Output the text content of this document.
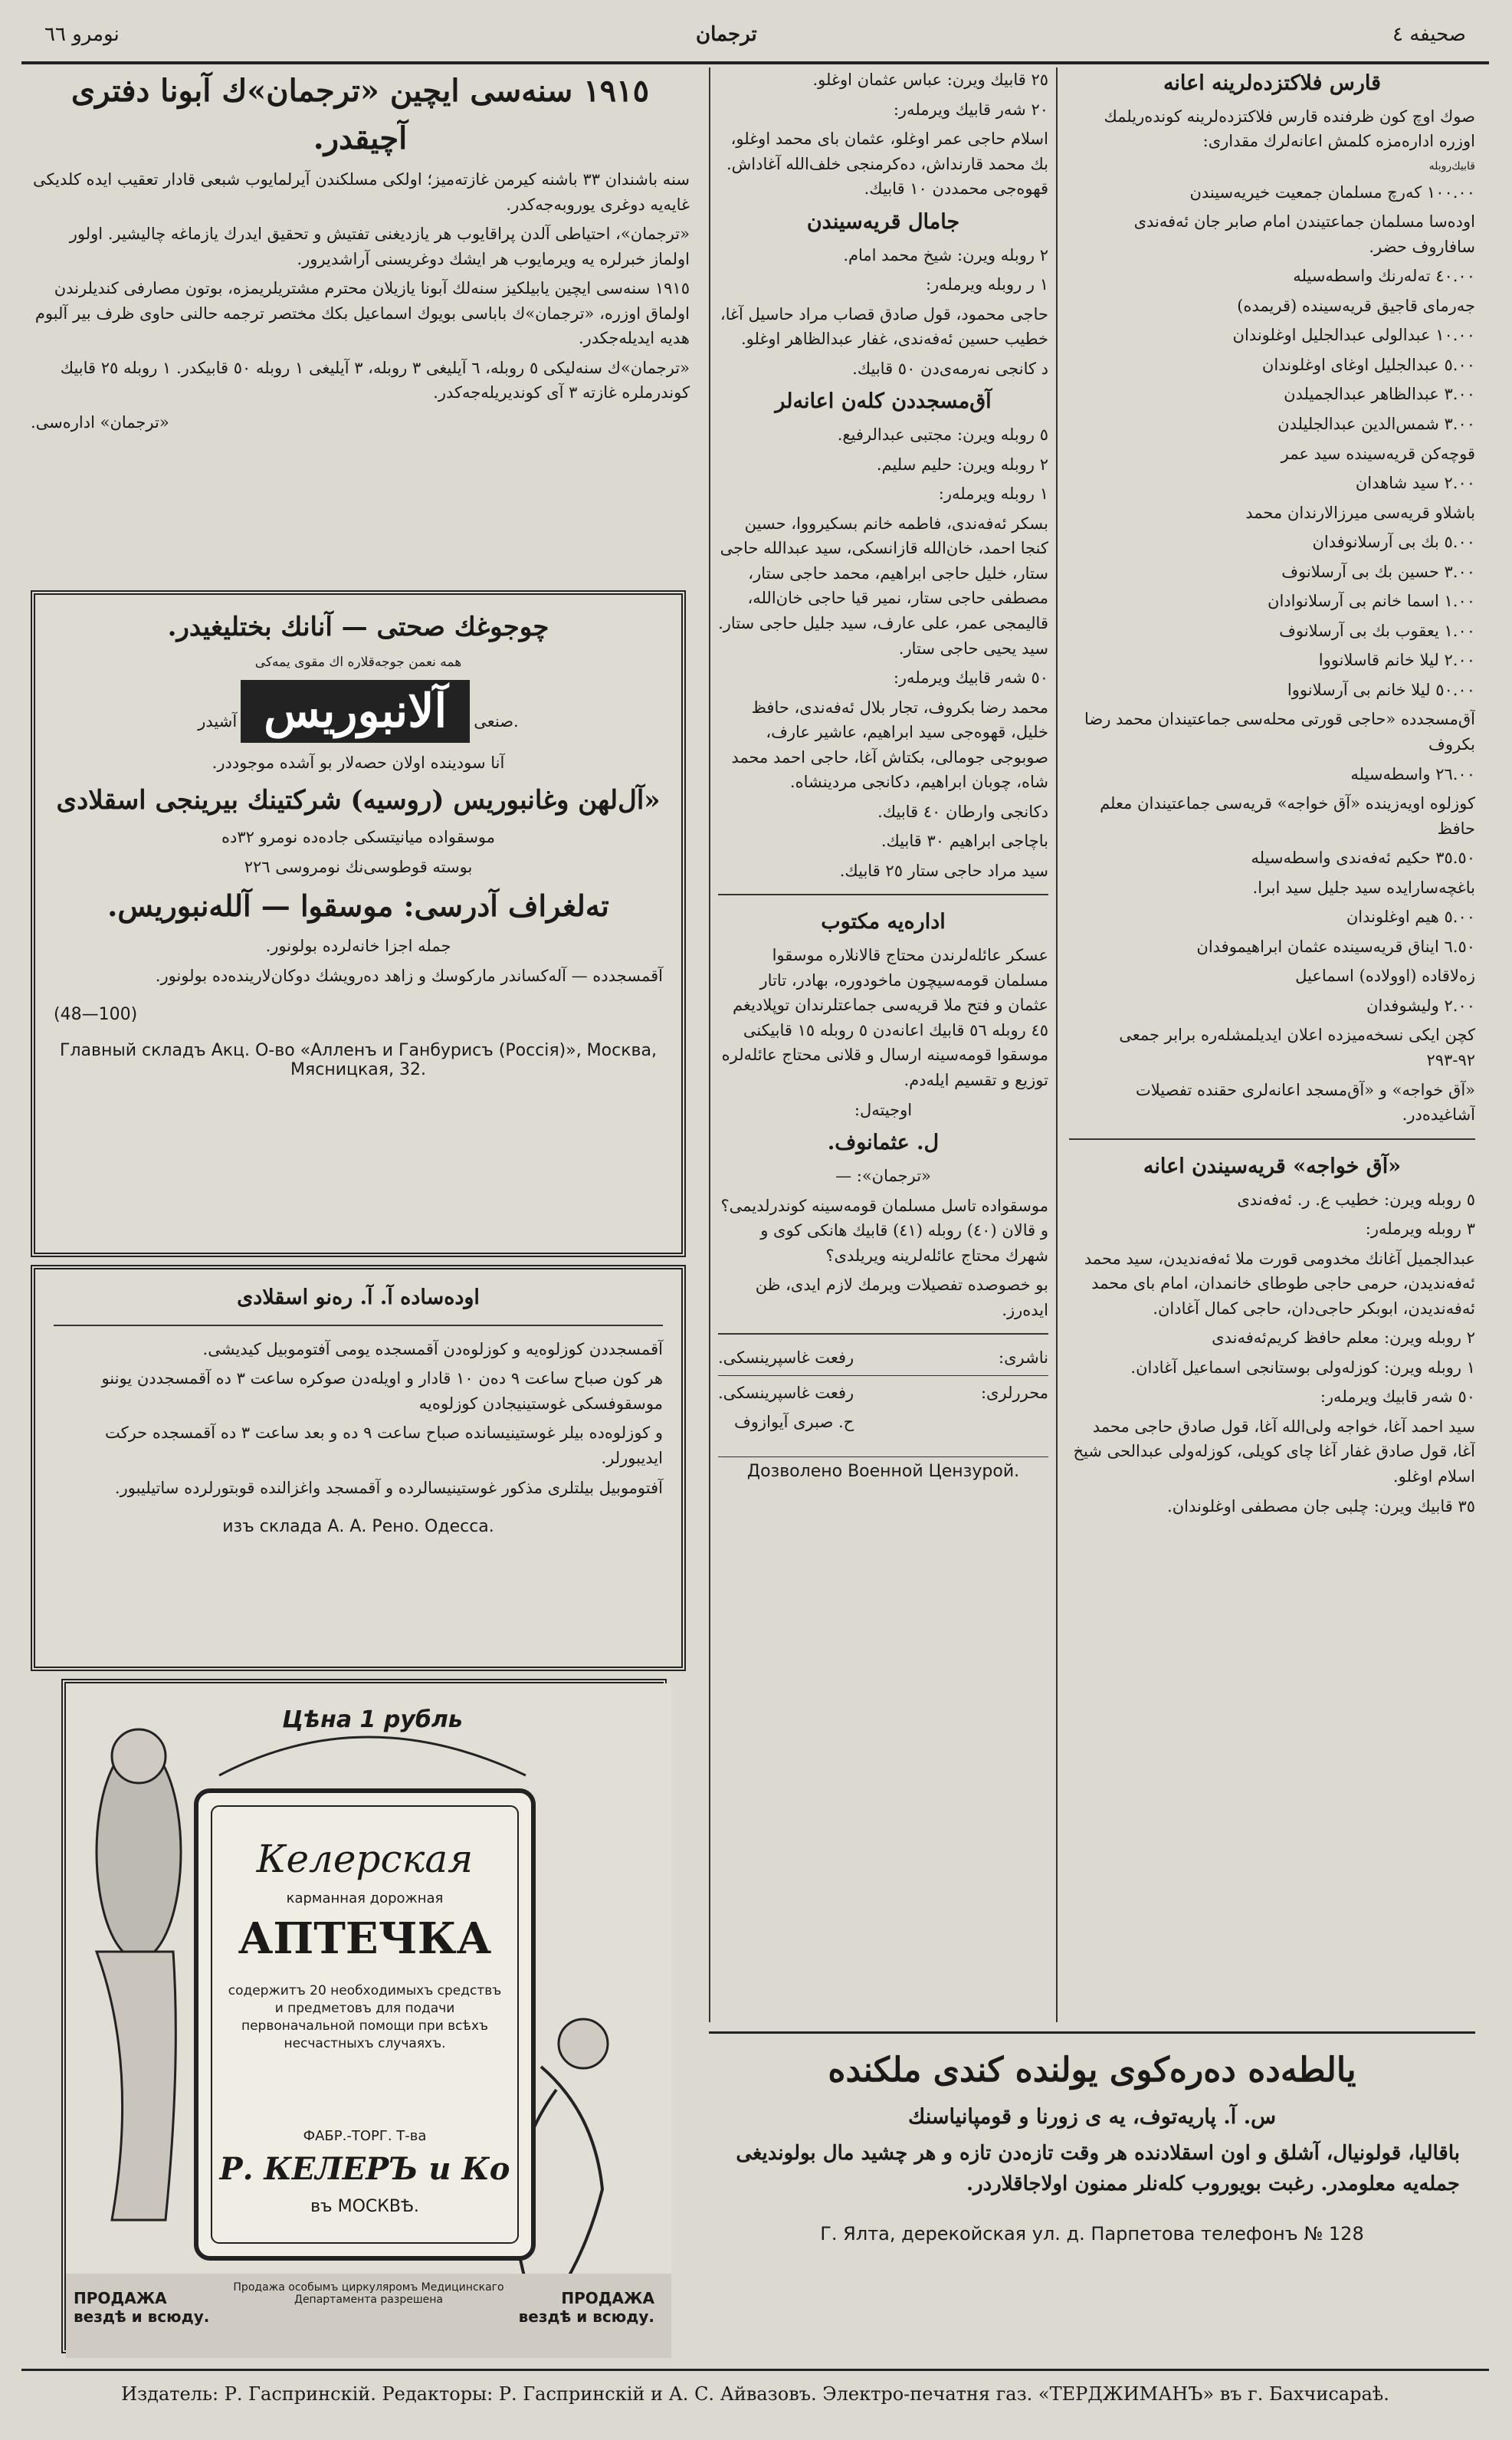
نومرو ٦٦	ترجمان	صحيفه ٤

١٩١٥ سنه‌سی ايچين «ترجمان»ك آبونا دفتری آچيقدر.

سنه باشندان ٣٣ باشنه كيرمن غازته‌ميز؛ اولكی مسلكندن آيرلمايوب شبعی قادار تعقيب ايده كلديكی غايه‌يه دوغری يوروبه‌جه‌كدر.

«ترجمان»، احتياطی آلدن پراقايوب هر يازديغنی تفتيش و تحقيق ايدرك يازماغه چاليشير. اولور اولماز خبرلره يه ويرمايوب هر ايشك دوغريسنی آراشديرور.

١٩١٥ سنه‌سی ايچين يابيلكيز سنه‌لك آبونا يازيلان محترم مشتريلريمزه، بوتون مصارفی كنديلرندن اولماق اوزره، «ترجمان»ك باباسی بويوك اسماعيل بكك مختصر ترجمه حالنی حاوی ظرف بير آلبوم هديه ايديله‌جكدر.

«ترجمان»ك سنه‌ليكی ٥ روبله، ٦ آيليغی ٣ روبله، ٣ آيليغی ١ روبله ٥٠ قابيكدر. ١ روبله ٢٥ قابيك كوندرملره غازته ٣ آی كونديريله‌جه‌كدر.

«ترجمان» اداره‌سی.

چوجوغك صحتی — آنانك بختليغيدر.

همه نعمن جوجه‌قلاره اك مقوی يمه‌كی

صنعی آلانبوريس آشيدر.

آنا سودينده اولان حصه‌لار بو آشده موجوددر.

«آل‌لهن وغانبوريس (روسيه) شركتينك بيرينجی اسقلادی

موسقواده ميانيتسكی جاده‌ده نومرو ٣٢ده

بوسته قوطوسی‌نك نومرو‌سی ٢٢٦

تەلغراف آدرسی: موسقوا — آللەنبوريس.

جمله اجزا خانه‌لرده بولونور.

آقمسجدده — آله‌كساندر ماركوسك و زاهد ده‌رويشك دوكان‌لارينده‌ده بولونور.

(48—100)

Главный складъ Акц. О-во «Алленъ и Ганбурисъ (Россія)», Москва, Мясницкая, 32.

اوده‌ساده آ. آ. رەنو اسقلادی

آقمسجددن كوزلوه‌يه و كوزلوه‌دن آقمسجده يومی آفتوموبيل كيديشی.

هر كون صباح ساعت ٩ دەن ١٠ قادار و اويله‌دن صوكره ساعت ٣ ده آقمسجددن يوننو موسقوفسكی غوستينيجادن كوزلوه‌يه

و كوزلوه‌ده بيلر غوستينيسانده صباح ساعت ٩ ده و بعد ساعت ٣ ده آقمسجده حركت ايديبورلر.

آفتوموبيل بيلتلری مذكور غوستينيسالرده و آقمسجد واغزالنده قوبتو‌رلرده ساتيليبور.

изъ склада А. А. Рено. Одесса.

Цѣна 1 рубль
Келерская
карманная дорожная
АПТЕЧКА
содержитъ 20 необходимыхъ средствъ и предметовъ для подачи первоначальной помощи при всѣхъ несчастныхъ случаяхъ.
ФАБР.-ТОРГ. Т-ва
Р. КЕЛЕРЪ и Ко
въ МОСКВѢ.
ПРОДАЖА вездѣ и всюду.
ПРОДАЖА вездѣ и всюду.
Продажа особымъ циркуляромъ Медицинскаго Департамента разрешена

٢٥ قابيك ويرن: عباس عثمان اوغلو.

٢٠ شەر قابيك ويرملەر:

اسلام حاجی عمر اوغلو، عثمان بای محمد اوغلو، بك محمد قارنداش، ده‌كرمنجی خلف‌الله آغاداش. قهوه‌جی محمد‌دن ١٠ قابيك.

جامال قريه‌سيندن

٢ روبله ويرن: شيخ محمد امام.

١ ر روبله ويرملەر:

حاجی محمود، قول صادق قصاب مراد حاسيل آغا، خطيب حسين ئه‌فه‌ندی، غفار عبدالظاهر اوغلو.

د كانجی نه‌رمه‌ی‌دن ٥٠ قابيك.

آق‌مسجددن كلەن اعانەلر

٥ روبله ويرن: مجتبی عبدالرفيع.

٢ روبله ويرن: حليم سليم.

١ روبله ويرملەر:

بسكر ئه‌فه‌ندی، فاطمه خانم بسكيرووا، حسين كنجا احمد، خان‌الله قازانسكی، سيد عبدالله حاجی ستار، خليل حاجی ابراهيم، محمد حاجی ستار، مصطفی حاجی ستار، نمير قيا حاجی خان‌الله، قاليمجی عمر، علی عارف، سيد جليل حاجی ستار. سيد يحيی حاجی ستار.

٥٠ شەر قابيك ويرملەر:

محمد رضا بكروف، تجار بلال ئه‌فه‌ندی، حافظ خليل، قهوه‌جی سيد ابراهيم، عاشير عارف، صوبوجی جومالی، بكتاش آغا، حاجی احمد محمد شاه، چوبان ابراهيم، دكانجی مردينشاه.

دكانجی وارطان ٤٠ قابيك.

باچاجی ابراهيم ٣٠ قابيك.

سيد مراد حاجی ستار ٢٥ قابيك.

اداره‌يه مكتوب

عسكر عائله‌لرندن محتاج قالانلاره موسقوا مسلمان قومه‌سيچون ماخودوره، بهادر، تاتار عثمان و فتح ملا قريه‌سی جماعتلرندان توپلاديغم ٤٥ روبله ٥٦ قابيك اعانه‌دن ٥ روبله ١٥ قابيكنی موسقوا قومه‌سينه ارسال و قلانی محتاج عائله‌لره توزيع و تقسيم ايله‌دم.

اوجيته‌ل:

ل. عثمانوف.

«ترجمان»: —

موسقواده تاسل مسلمان قومه‌سينه كوندرلديمی؟ و قالان (٤٠) روبله (٤١) قابيك هانكی كوی و شهرك محتاج عائله‌لرينه ويريلدی؟

بو خصوصده تفصيلات ويرمك لازم ايدی، ظن ايده‌رز.

ناشری:
رفعت غاسپرينسكی.
محرر‌لری:
رفعت غاسپرينسكی.
ح. صبری آيوازوف

Дозволено Военной Цензурой.

قارس فلاكتزده‌لرينه اعانه

صوك اوچ كون ظرفنده قارس فلاكتزده‌لرينه كوندەريلمك اوزره ادارەمزه كلمش اعانەلرك مقداری:

قابيك‌روبله

١٠٠.٠٠ كەرچ مسلمان جمعيت خيريه‌سيندن

اوده‌سا مسلمان جماعتيندن امام صابر جان ئه‌فه‌ندی سافاروف حضر.

٤٠.٠٠ تەلەرنك واسطه‌سيله

جەرمای قاجيق قريه‌سينده (قريمده)

١٠.٠٠ عبدالولی عبدالجليل اوغلوندان

٥.٠٠ عبدالجليل اوغای اوغلوندان

٣.٠٠ عبدالظاهر عبدالجميلدن

٣.٠٠ شمس‌الدين عبدالجليلدن

قوچه‌كن قريه‌سينده سيد عمر

٢.٠٠ سيد شاهدان

باشلاو قريه‌سی ميرزالارندان محمد

٥.٠٠ بك بی آرسلانوفدان

٣.٠٠ حسين بك بی آرسلانوف

١.٠٠ اسما خانم بی آرسلانوادان

١.٠٠ يعقوب بك بی آرسلانوف

٢.٠٠ ليلا خانم قاسلانووا

٥٠.٠٠ ليلا خانم بی آرسلانووا

آق‌مسجدده «حاجی قورتی محله‌سی جماعتيندان محمد رضا بكروف

٢٦.٠٠ واسطه‌سيله

كوزلوه اويه‌زينده «آق خواجه» قريه‌سی جماعتيندان معلم حافظ

٣٥.٥٠ حكيم ئه‌فه‌ندی واسطه‌سيله

باغچه‌سارايده سيد جليل سيد ابرا.

٥.٠٠ هيم اوغلوندان

٦.٥٠ ايناق قريه‌سينده عثمان ابراهيموفدان

زەلاقاده (اوولاده) اسماعيل

٢.٠٠ وليشوفدان

كچن ايكی نسخه‌ميزده اعلان ايديلمشلەره برابر جمعی ٩٢-٢٩٣

«آق خواجه» و «آق‌مسجد اعانەلری حقنده تفصيلات آشاغيده‌در.

«آق خواجه» قريه‌سيندن اعانه

٥ روبله ويرن: خطيب ع. ر. ئه‌فه‌ندی

٣ روبله ويرملەر:

عبدالجميل آغانك مخدومی قورت ملا ئه‌فه‌نديدن، سيد محمد ئه‌فه‌نديدن، حرمی حاجی طوطای خانمدان، امام بای محمد ئه‌فه‌نديدن، ابوبكر حاجی‌دان، حاجی كمال آغادان.

٢ روبله ويرن: معلم حافظ كريم‌ئه‌فه‌ندی

١ روبله ويرن: كوزله‌ولی بوستانجی اسماعيل آغادان.

٥٠ شەر قابيك ويرملەر:

سيد احمد آغا، خواجه ولی‌الله آغا، قول صادق حاجی محمد آغا، قول صادق غفار آغا چای كويلی، كوزله‌ولی عبدالحی شيخ اسلام اوغلو.

٣٥ قابيك ويرن: چلبی جان مصطفی اوغلوندان.

يالطه‌ده ده‌ره‌كوی يولنده كندی ملكنده

س. آ. پاريه‌توف، يه ی زورنا و قومپانياسنك

باقاليا، قولونيال، آشلق و اون اسقلادنده هر وقت تازه‌دن تازه و هر چشيد مال بولونديغی جمله‌يه معلومدر. رغبت بويوروب كلەنلر ممنون اولاجاقلاردر.

Г. Ялта, дерекойская ул. д. Парпетова телефонъ № 128

Издатель: Р. Гаспринскій. Редакторы: Р. Гаспринскій и А. С. Айвазовъ. Электро-печатня газ. «ТЕРДЖИМАНЪ» въ г. Бахчисараѣ.
